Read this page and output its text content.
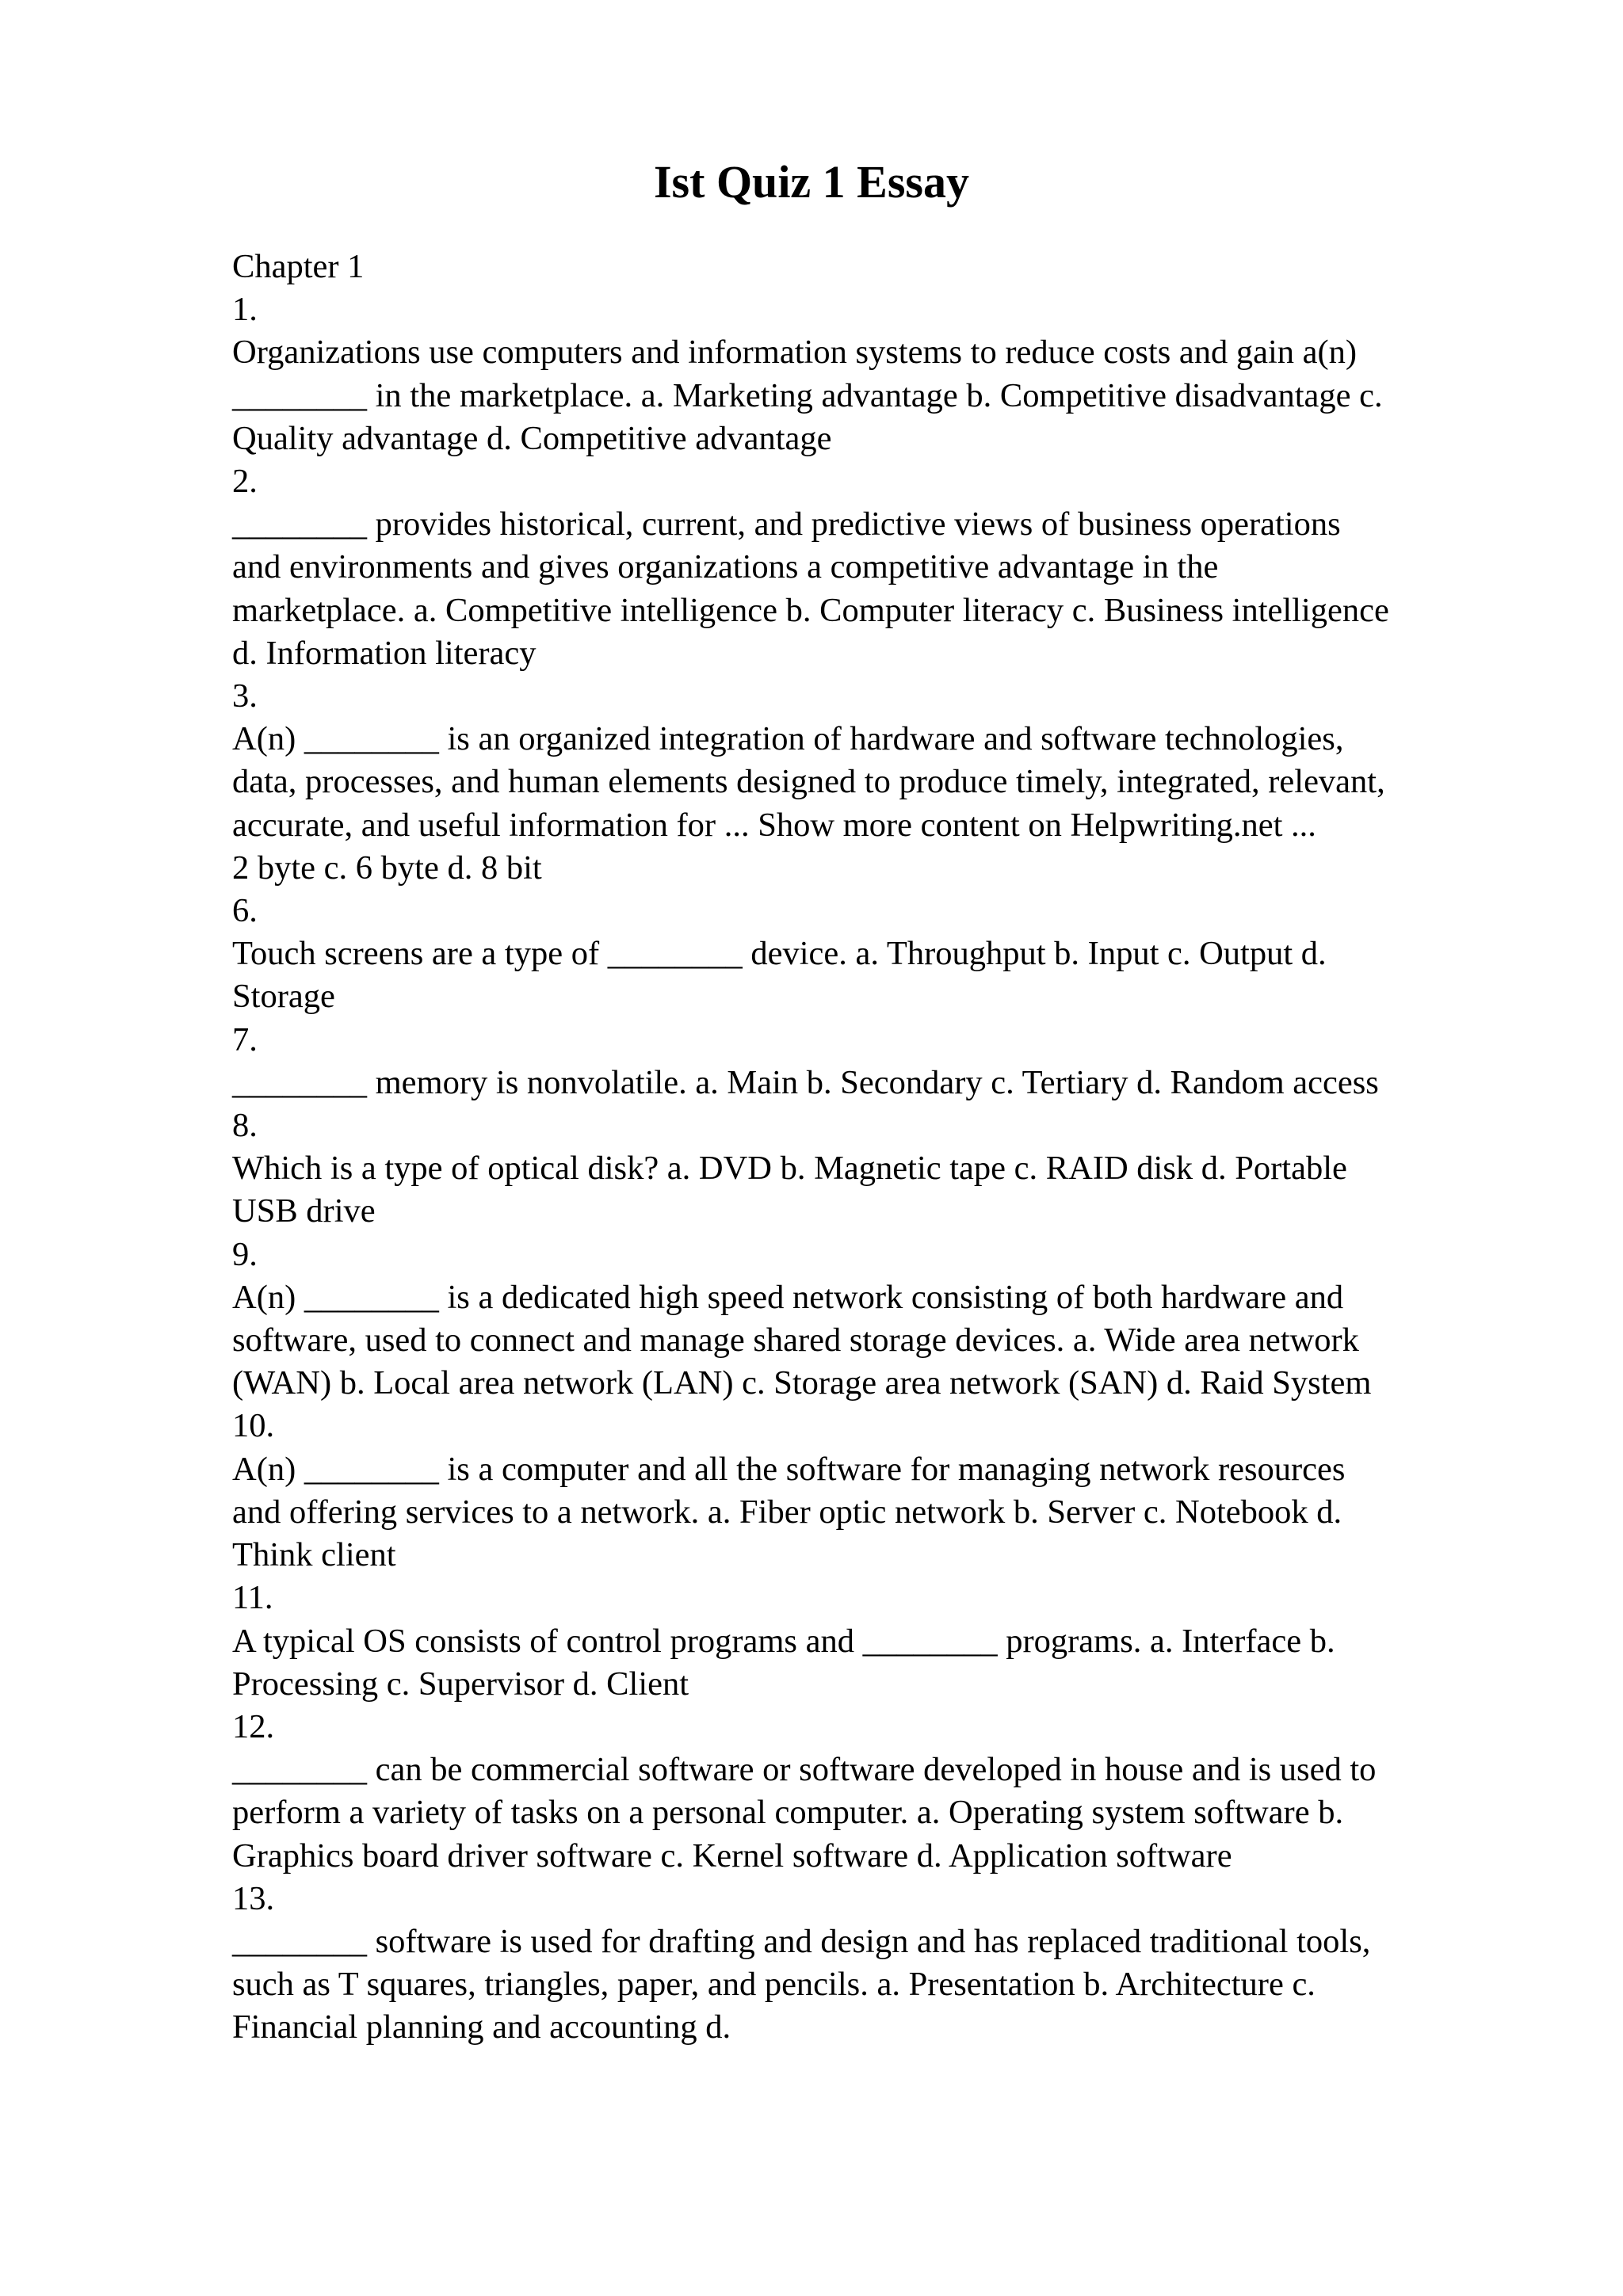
Ist Quiz 1 Essay
Chapter 1
1.
Organizations use computers and information systems to reduce costs and gain a(n)
________ in the marketplace. a. Marketing advantage b. Competitive disadvantage c.
Quality advantage d. Competitive advantage
2.
________ provides historical, current, and predictive views of business operations
and environments and gives organizations a competitive advantage in the
marketplace. a. Competitive intelligence b. Computer literacy c. Business intelligence
d. Information literacy
3.
A(n) ________ is an organized integration of hardware and software technologies,
data, processes, and human elements designed to produce timely, integrated, relevant,
accurate, and useful information for ... Show more content on Helpwriting.net ...
2 byte c. 6 byte d. 8 bit
6.
Touch screens are a type of ________ device. a. Throughput b. Input c. Output d.
Storage
7.
________ memory is nonvolatile. a. Main b. Secondary c. Tertiary d. Random access
8.
Which is a type of optical disk? a. DVD b. Magnetic tape c. RAID disk d. Portable
USB drive
9.
A(n) ________ is a dedicated high speed network consisting of both hardware and
software, used to connect and manage shared storage devices. a. Wide area network
(WAN) b. Local area network (LAN) c. Storage area network (SAN) d. Raid System
10.
A(n) ________ is a computer and all the software for managing network resources
and offering services to a network. a. Fiber optic network b. Server c. Notebook d.
Think client
11.
A typical OS consists of control programs and ________ programs. a. Interface b.
Processing c. Supervisor d. Client
12.
________ can be commercial software or software developed in house and is used to
perform a variety of tasks on a personal computer. a. Operating system software b.
Graphics board driver software c. Kernel software d. Application software
13.
________ software is used for drafting and design and has replaced traditional tools,
such as T squares, triangles, paper, and pencils. a. Presentation b. Architecture c.
Financial planning and accounting d.
